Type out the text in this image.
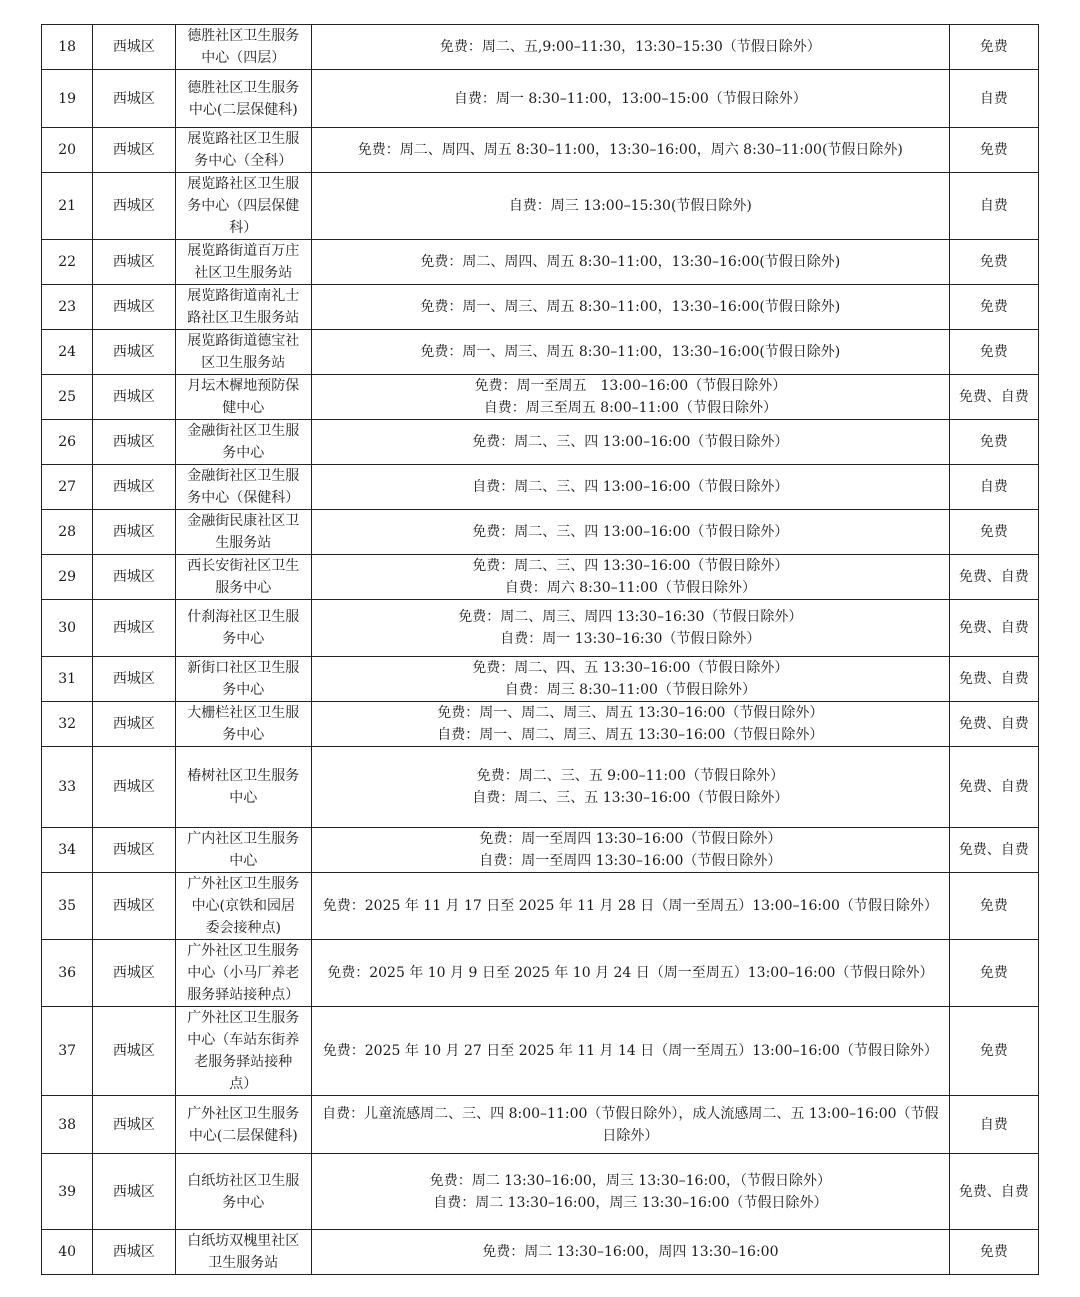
18	西城区	德胜社区卫生服务
中心（四层）	免费：周二、五,9:00–11:30，13:30–15:30（节假日除外）	免费
19	西城区	德胜社区卫生服务
中心(二层保健科)	自费：周一 8:30–11:00，13:00–15:00（节假日除外）	自费
20	西城区	展览路社区卫生服
务中心（全科）	免费：周二、周四、周五 8:30–11:00，13:30–16:00，周六 8:30–11:00(节假日除外)	免费
21	西城区	展览路社区卫生服
务中心（四层保健
科）	自费：周三 13:00–15:30(节假日除外)	自费
22	西城区	展览路街道百万庄
社区卫生服务站	免费：周二、周四、周五 8:30–11:00，13:30–16:00(节假日除外)	免费
23	西城区	展览路街道南礼士
路社区卫生服务站	免费：周一、周三、周五 8:30–11:00，13:30–16:00(节假日除外)	免费
24	西城区	展览路街道德宝社
区卫生服务站	免费：周一、周三、周五 8:30–11:00，13:30–16:00(节假日除外)	免费
25	西城区	月坛木樨地预防保
健中心	免费：周一至周五　13:00–16:00（节假日除外）
自费：周三至周五 8:00–11:00（节假日除外）	免费、自费
26	西城区	金融街社区卫生服
务中心	免费：周二、三、四 13:00–16:00（节假日除外）	免费
27	西城区	金融街社区卫生服
务中心（保健科）	自费：周二、三、四 13:00–16:00（节假日除外）	自费
28	西城区	金融街民康社区卫
生服务站	免费：周二、三、四 13:00–16:00（节假日除外）	免费
29	西城区	西长安街社区卫生
服务中心	免费：周二、三、四 13:30–16:00（节假日除外）
自费：周六 8:30–11:00（节假日除外）	免费、自费
30	西城区	什刹海社区卫生服
务中心	免费：周二、周三、周四 13:30–16:30（节假日除外）
自费：周一 13:30–16:30（节假日除外）	免费、自费
31	西城区	新街口社区卫生服
务中心	免费：周二、四、五 13:30–16:00（节假日除外）
自费：周三 8:30–11:00（节假日除外）	免费、自费
32	西城区	大栅栏社区卫生服
务中心	免费：周一、周二、周三、周五 13:30–16:00（节假日除外）
自费：周一、周二、周三、周五 13:30–16:00（节假日除外）	免费、自费
33	西城区	椿树社区卫生服务
中心	免费：周二、三、五 9:00–11:00（节假日除外）
自费：周二、三、五 13:30–16:00（节假日除外）	免费、自费
34	西城区	广内社区卫生服务
中心	免费：周一至周四 13:30–16:00（节假日除外）
自费：周一至周四 13:30–16:00（节假日除外）	免费、自费
35	西城区	广外社区卫生服务
中心(京铁和园居
委会接种点)	免费：2025 年 11 月 17 日至 2025 年 11 月 28 日（周一至周五）13:00–16:00（节假日除外）	免费
36	西城区	广外社区卫生服务
中心（小马厂养老
服务驿站接种点）	免费：2025 年 10 月 9 日至 2025 年 10 月 24 日（周一至周五）13:00–16:00（节假日除外）	免费
37	西城区	广外社区卫生服务
中心（车站东街养
老服务驿站接种
点）	免费：2025 年 10 月 27 日至 2025 年 11 月 14 日（周一至周五）13:00–16:00（节假日除外）	免费
38	西城区	广外社区卫生服务
中心(二层保健科)	自费：儿童流感周二、三、四 8:00–11:00（节假日除外），成人流感周二、五 13:00–16:00（节假
日除外）	自费
39	西城区	白纸坊社区卫生服
务中心	免费：周二 13:30–16:00，周三 13:30–16:00，（节假日除外）
自费：周二 13:30–16:00，周三 13:30–16:00（节假日除外）	免费、自费
40	西城区	白纸坊双槐里社区
卫生服务站	免费：周二 13:30–16:00，周四 13:30–16:00	免费
